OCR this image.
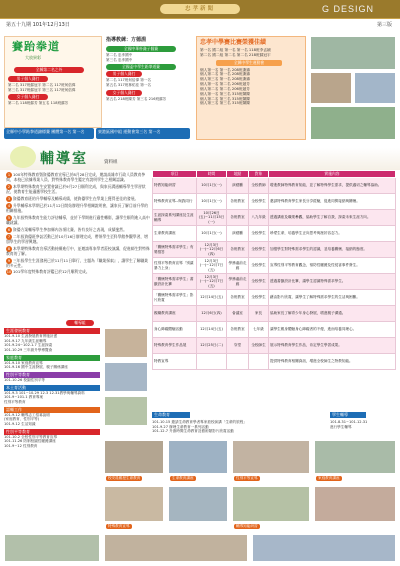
忠孝新聞	G DESIGN
第五十九期 101年12月13日	第三版
賽跆拳道
大放異彩
全縣第二名之外
男子個人賽打
第二名 317班蘇冠宇 第二名 117班何倍偉
第三名 317班蘇冠宇 第三名 117班何倍偉
女子個人賽打
第二名 118班蘇芳 第五名 118班蘇芳
指導教練：方德淵
全國中華杯賽子個賽
第二名 忠孝國中
第三名 忠孝國中
全國盃中學生跆拳道賽
男子個人賽打
第二名 117班何倍偉 第一名
第五名 317班林佑佳 第一名
女子個人賽打
第五名 218班陳芳 第三名 216班蘇芳
全縣中小學跆拳道錦標賽 團體第一名 第一名	東港區國中組 運動會第三名 第一名
忠孝中學賽比賽榮獲佳績
第一名 國二組 第一名 第一名 118班李孟穎
第二名 國二組 第二名 第二名 218班蘇冠宇
全縣中學生運動會
個人第一名 第一名 208班謝鎮
個人第二名 第一名 208班謝鎮
個人第三名 第一名 208班謝鎮
個人第一名 第二名 206班趙芳
個人第二名 第二名 206班趙芳
個人第一名 第三名 315班陳陳
個人第二名 第三名 315班陳陳
個人第三名 第三名 315班陳陳
輔導室	資料組
1 100年特殊教育暨資優教育宣導已於8月28日完成，邀請高雄市行政人員教育參與，本校已依據專業人員，對特殊教育學生鑑定有說明學生之相關認識。
2 本學期特殊教育生安置會議已於9月27日順利完成，與家長溝通輔導學生學習狀況，使教育生能適應學校生活。
3 資優教育班的升學輔導及輔導成績，使資優學生在學業上獲得更佳的發展。
4 升學輔導本學期已於11月12日開始辦理升學相關說明會，讓家長了解目前升學的相關措施。
5 九年級特殊教育生能力評估輔導，並於下學期進行適性轉銜，讓學生順利進入高中職就讀。
6 資優方案輔導學生參加縣內各項比賽，皆有良好之表現，成績斐然。
7 二年級資優班參訪活動已於10月16日辦理完成，帶領學生至科學館參觀學習，增加學生的學習興趣。
8 本學期特殊教育宣導活動持續進行中，並邀請專家學者蒞校演講，促進師生對特殊教育的了解。
9 三年級學生生涯發展已於11月11日舉行，主題為『職業探索』，讓學生了解職業的多元性。
10 101學年度特殊教育評鑑已於12月順利完成。
項目	時間	地點	對象	實施內容
特教知能研習	10月1日(一)	演藝廳	全校教師	增進教師特殊教育知能，並了解特殊學生需求，提供適切之輔導協助。
特殊教育宣導--與我同行	10月1日(一)	各班教室	全校學生	邀請特殊教育學生家長分享經驗，促進同儕接納與關懷。
生涯探索系列講座及生涯輔導	10月26日(五)~11月15日(一)	各班教室	八九年級	透過講座及職業參觀，協助學生了解自我，探索未來生涯方向。
生命教育講座	10月1日(一)	演藝廳	全校學生	珍愛生命，培養學生正向思考與挫折容忍力。
「關懷特殊需求學生」有獎徵答	12月3日(一)~12月6日(四)	各班教室	全校學生	加強學生對特殊需求學生的認識，並培養關懷、接納的態度。
性別平等教育宣導「別讓暴力上身」	12月3日(一)~12月7日(五)	學務處前走廊	全校學生	宣導性別平等教育觀念，預防性騷擾及性侵害事件發生。
「關懷特殊需求學生」書籤設計比賽	12月3日(一)~12月7日(五)	學務處前走廊	全校學生	透過書籤設計比賽，讓學生認識特殊需求學生。
「關懷特殊需求學生」影片欣賞	12月14日(五)	各班教室	全校學生	藉由影片欣賞，讓學生了解特殊需求學生的生活與困難。
親職教育講座	12月6日(四)	會議室	家長	協助家長了解青少年身心發展，增進親子溝通。
身心障礙體驗活動	12月14日(五)	各班教室	七年級	讓學生親身體驗身心障礙者的不便，進而培養同理心。
特殊教育學生作品展	12月25日(二)	穿堂	全校師生	展示特殊教育學生作品，肯定學生學習成果。
特教宣導				提供特殊教育相關資訊，增進全校師生之特教知能。
輔導組
生涯發展教育
101.9.10 生涯發展教育實施計畫
101.9.17 九年級生涯輔導
101.9.24~102.1.7 生涯探索
101.10.29 三年級升學博覽會
家庭教育
101.9.10 家庭教育宣導
101.9.16 國中生涯發展、親子關係講座
性別平等教育
101.10.26 校園性別平等
本土育活動
101.9.3 101~10.29 12.3 12.31教學與輔導資料
101.9~101.1 教育專案
性別平等教育
認輔工作
101.9.12 輔導志工招募說明
(家庭教育、性別平等)
101.9.12 生活知識
性別平等教育
101.10.2 全校性別平等教育宣導
101.11.26 防制校園性騷擾講座
101.9~12 性別教育
生命教育
101.10.15 邀請生命教育學者專家蒞校演講「生命的旅程」
101.9.27 辦理生命教育一系列活動
101.12.7 升旗時間生命教育及藝術類影片欣賞活動
學生輔導
101.8.31~101.12.31
進行學生輔導
校安員親授生命教育	生命教育講座	性別平等宣導	家庭教育講座
特殊教育宣導	輔導知能研習
